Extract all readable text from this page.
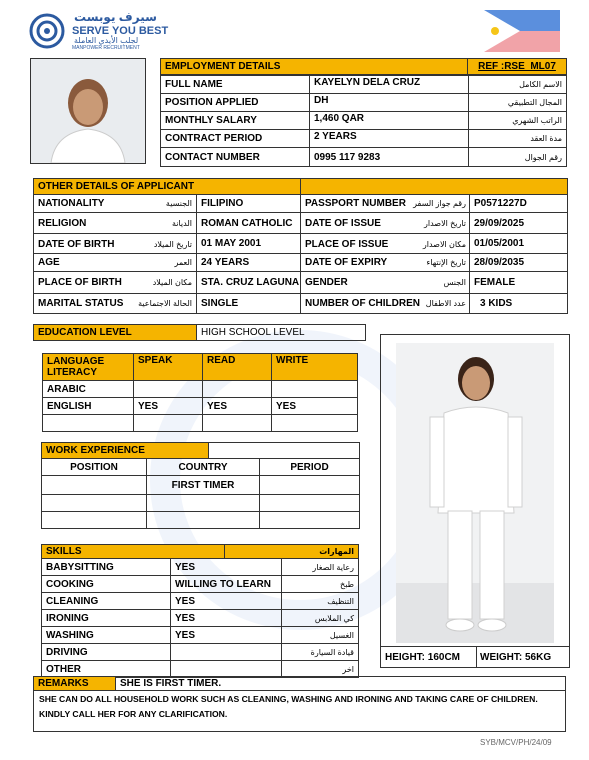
سيرف يوبست
SERVE YOU BEST
لجلب الأيدي العاملة
MANPOWER RECRUITMENT
EMPLOYMENT DETAILS	REF :RSE_ML07
FULL NAME	KAYELYN DELA CRUZ	الاسم الكامل
POSITION APPLIED	DH	المجال التطبيقي
MONTHLY SALARY	1,460 QAR	الراتب الشهري
CONTRACT PERIOD	2 YEARS	مدة العقد
CONTACT NUMBER	0995 117 9283	رقم الجوال
OTHER DETAILS OF APPLICANT
NATIONALITY	الجنسية FILIPINO	PASSPORT NUMBER رقم جواز السفر P0571227D
RELIGION	الديانة ROMAN CATHOLIC	DATE OF ISSUE	تاريخ الاصدار 29/09/2025
DATE OF BIRTH	تاريخ الميلاد 01 MAY 2001	PLACE OF ISSUE	مكان الاصدار 01/05/2001
AGE	العمر 24 YEARS	DATE OF EXPIRY	تاريخ الإنتهاء 28/09/2035
PLACE OF BIRTH	مكان الميلاد STA. CRUZ LAGUNA GENDER	الجنس FEMALE
MARITAL STATUS	الحالة الاجتماعية SINGLE	NUMBER OF CHILDREN عدد الاطفال	3 KIDS
EDUCATION LEVEL	HIGH SCHOOL LEVEL
LANGUAGE LITERACY	SPEAK	READ	WRITE
ARABIC			
ENGLISH	YES	YES	YES

WORK EXPERIENCE
POSITION	COUNTRY	PERIOD
	FIRST TIMER	

SKILLS	المهارات
BABYSITTING	YES	رعاية الصغار
COOKING	WILLING TO LEARN	طبخ
CLEANING	YES	التنظيف
IRONING	YES	كي الملابس
WASHING	YES	الغسيل
DRIVING		قيادة السيارة
OTHER		اخر
HEIGHT: 160CM	WEIGHT: 56KG
REMARKS	SHE IS FIRST TIMER.
SHE CAN DO ALL HOUSEHOLD WORK SUCH AS CLEANING, WASHING AND IRONING AND TAKING CARE OF CHILDREN.
KINDLY CALL HER FOR ANY CLARIFICATION.
SYB/MCV/PH/24/09
